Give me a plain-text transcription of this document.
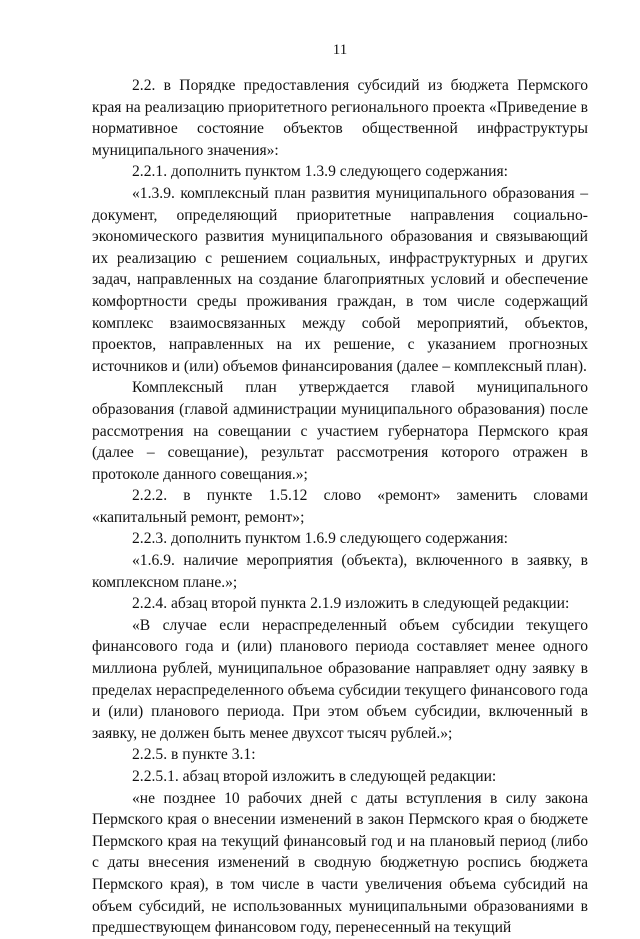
11

2.2. в Порядке предоставления субсидий из бюджета Пермского края на реализацию приоритетного регионального проекта «Приведение в нормативное состояние объектов общественной инфраструктуры муниципального значения»:

2.2.1. дополнить пунктом 1.3.9 следующего содержания:

«1.3.9. комплексный план развития муниципального образования – документ, определяющий приоритетные направления социально-экономического развития муниципального образования и связывающий их реализацию с решением социальных, инфраструктурных и других задач, направленных на создание благоприятных условий и обеспечение комфортности среды проживания граждан, в том числе содержащий комплекс взаимосвязанных между собой мероприятий, объектов, проектов, направленных на их решение, с указанием прогнозных источников и (или) объемов финансирования (далее – комплексный план).

Комплексный план утверждается главой муниципального образования (главой администрации муниципального образования) после рассмотрения на совещании с участием губернатора Пермского края (далее – совещание), результат рассмотрения которого отражен в протоколе данного совещания.»;

2.2.2. в пункте 1.5.12 слово «ремонт» заменить словами «капитальный ремонт, ремонт»;

2.2.3. дополнить пунктом 1.6.9 следующего содержания:

«1.6.9. наличие мероприятия (объекта), включенного в заявку, в комплексном плане.»;

2.2.4. абзац второй пункта 2.1.9 изложить в следующей редакции:

«В случае если нераспределенный объем субсидии текущего финансового года и (или) планового периода составляет менее одного миллиона рублей, муниципальное образование направляет одну заявку в пределах нераспределенного объема субсидии текущего финансового года и (или) планового периода. При этом объем субсидии, включенный в заявку, не должен быть менее двухсот тысяч рублей.»;

2.2.5. в пункте 3.1:

2.2.5.1. абзац второй изложить в следующей редакции:

«не позднее 10 рабочих дней с даты вступления в силу закона Пермского края о внесении изменений в закон Пермского края о бюджете Пермского края на текущий финансовый год и на плановый период (либо с даты внесения изменений в сводную бюджетную роспись бюджета Пермского края), в том числе в части увеличения объема субсидий на объем субсидий, не использованных муниципальными образованиями в предшествующем финансовом году, перенесенный на текущий
